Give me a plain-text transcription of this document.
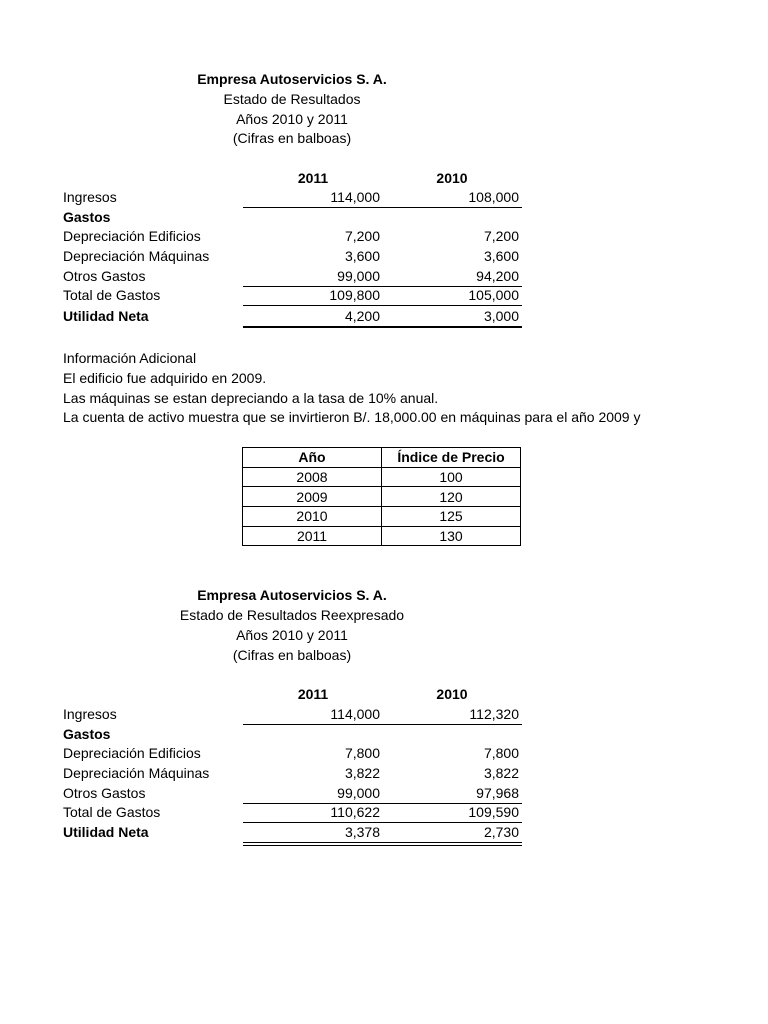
Empresa Autoservicios S. A.
Estado de Resultados
Años 2010 y 2011
(Cifras en balboas)
2011	2010
Ingresos	114,000	108,000
Gastos
Depreciación Edificios	7,200	7,200
Depreciación Máquinas	3,600	3,600
Otros Gastos	99,000	94,200
Total de Gastos	109,800	105,000
Utilidad Neta	4,200	3,000
Información Adicional
El edificio fue adquirido en 2009.
Las máquinas se estan depreciando a la tasa de 10% anual.
La cuenta de activo muestra que se invirtieron B/. 18,000.00 en máquinas para el año 2009 y
Año	Índice de Precio
2008	100
2009	120
2010	125
2011	130
Empresa Autoservicios S. A.
Estado de Resultados Reexpresado
Años 2010 y 2011
(Cifras en balboas)
2011	2010
Ingresos	114,000	112,320
Gastos
Depreciación Edificios	7,800	7,800
Depreciación Máquinas	3,822	3,822
Otros Gastos	99,000	97,968
Total de Gastos	110,622	109,590
Utilidad Neta	3,378	2,730
